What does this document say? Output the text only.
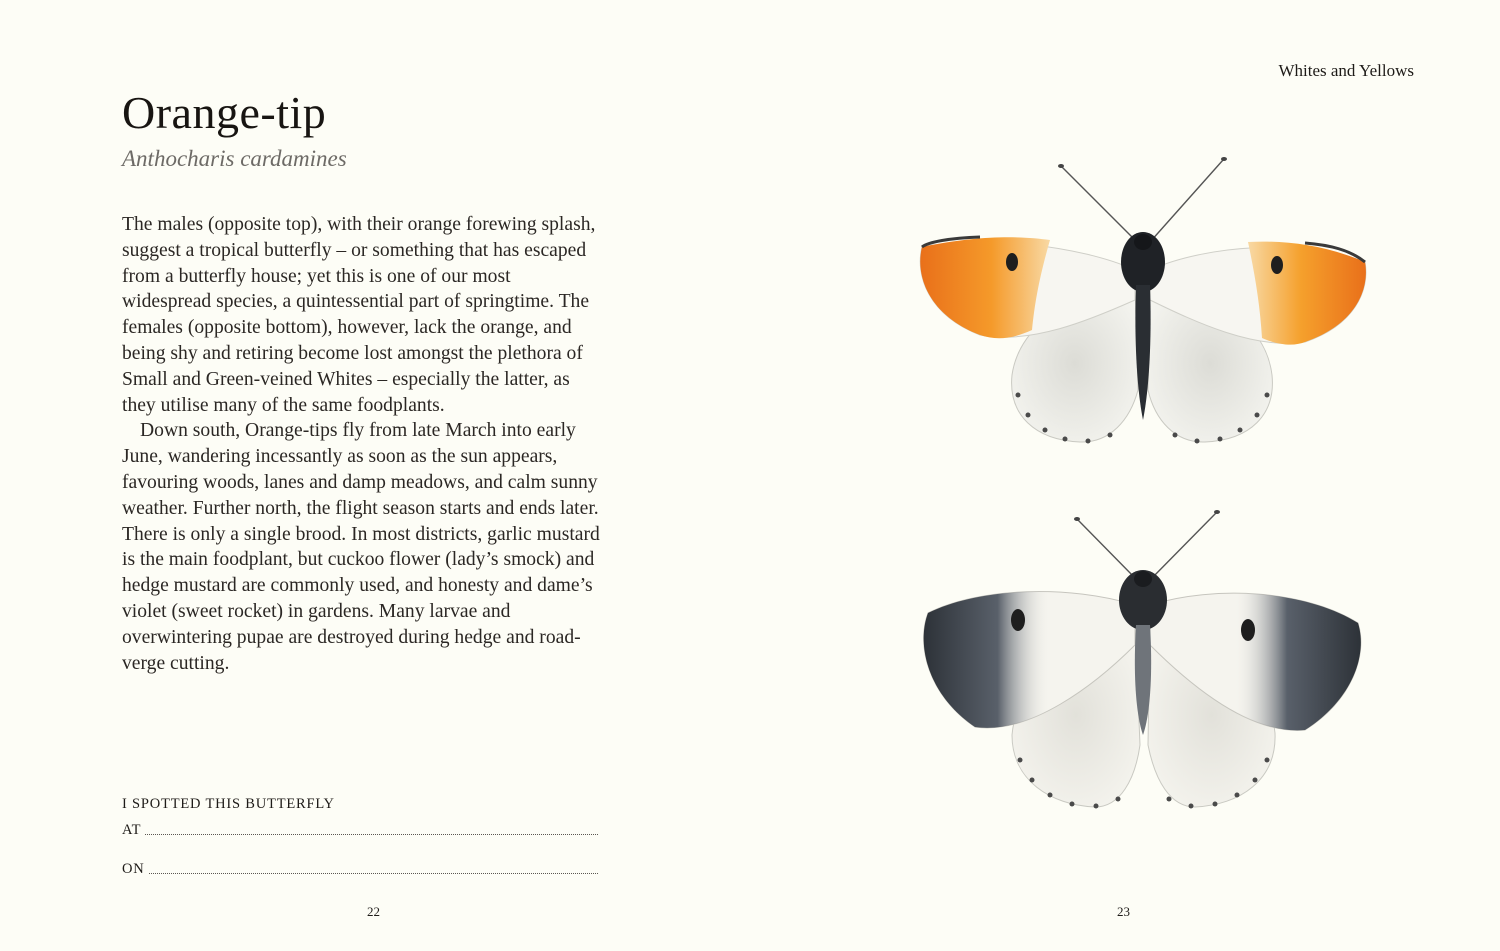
Orange-tip
Anthocharis cardamines

The males (opposite top), with their orange forewing splash, suggest a tropical butterfly – or something that has escaped from a butterfly house; yet this is one of our most widespread species, a quintessential part of springtime. The females (opposite bottom), however, lack the orange, and being shy and retiring become lost amongst the plethora of Small and Green-veined Whites – especially the latter, as they utilise many of the same foodplants.

Down south, Orange-tips fly from late March into early June, wandering incessantly as soon as the sun appears, favouring woods, lanes and damp meadows, and calm sunny weather. Further north, the flight season starts and ends later. There is only a single brood. In most districts, garlic mustard is the main foodplant, but cuckoo flower (lady’s smock) and hedge mustard are commonly used, and honesty and dame’s violet (sweet rocket) in gardens. Many larvae and overwintering pupae are destroyed during hedge and road-verge cutting.

I SPOTTED THIS BUTTERFLY
AT
ON
22
Whites and Yellows
23
